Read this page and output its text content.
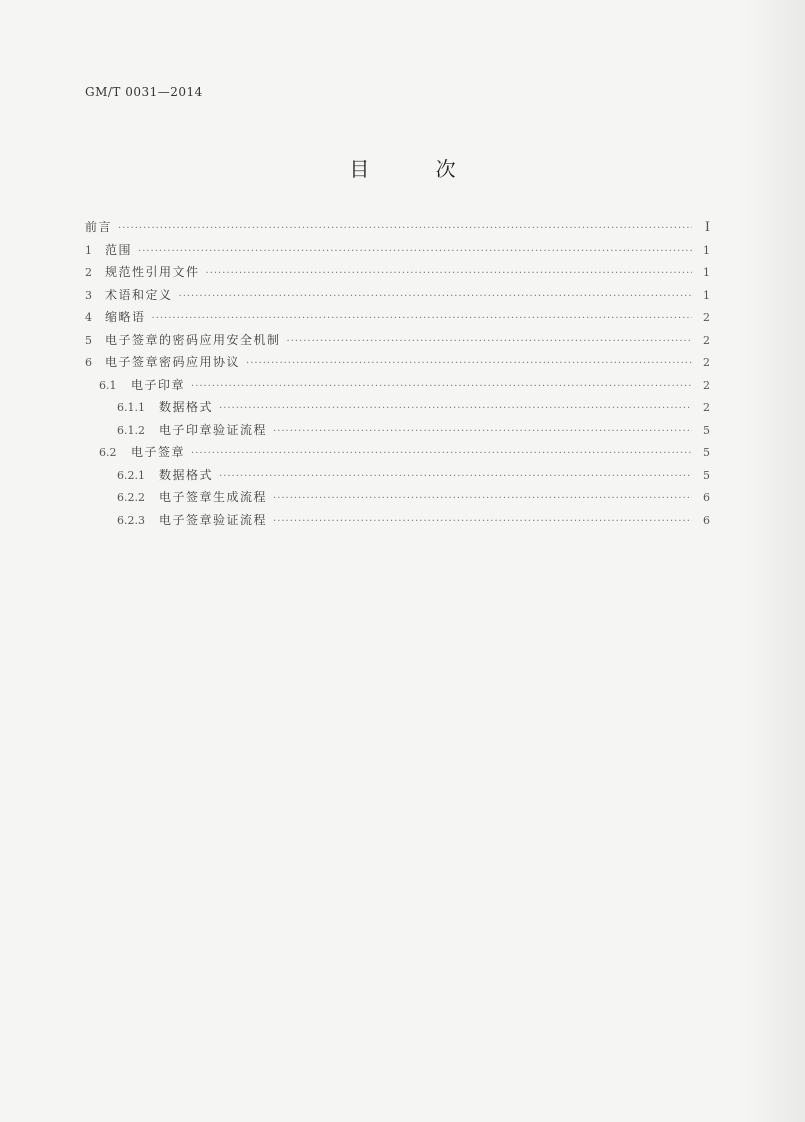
GM/T 0031—2014
目 次
前言 ·····	I
1	范围 ·····	1
2	规范性引用文件 ·····	1
3	术语和定义 ·····	1
4	缩略语 ·····	2
5	电子签章的密码应用安全机制 ·····	2
6	电子签章密码应用协议 ·····	2
6.1	电子印章 ·····	2
6.1.1	数据格式 ·····	2
6.1.2	电子印章验证流程 ·····	5
6.2	电子签章 ·····	5
6.2.1	数据格式 ·····	5
6.2.2	电子签章生成流程 ·····	6
6.2.3	电子签章验证流程 ·····	6
